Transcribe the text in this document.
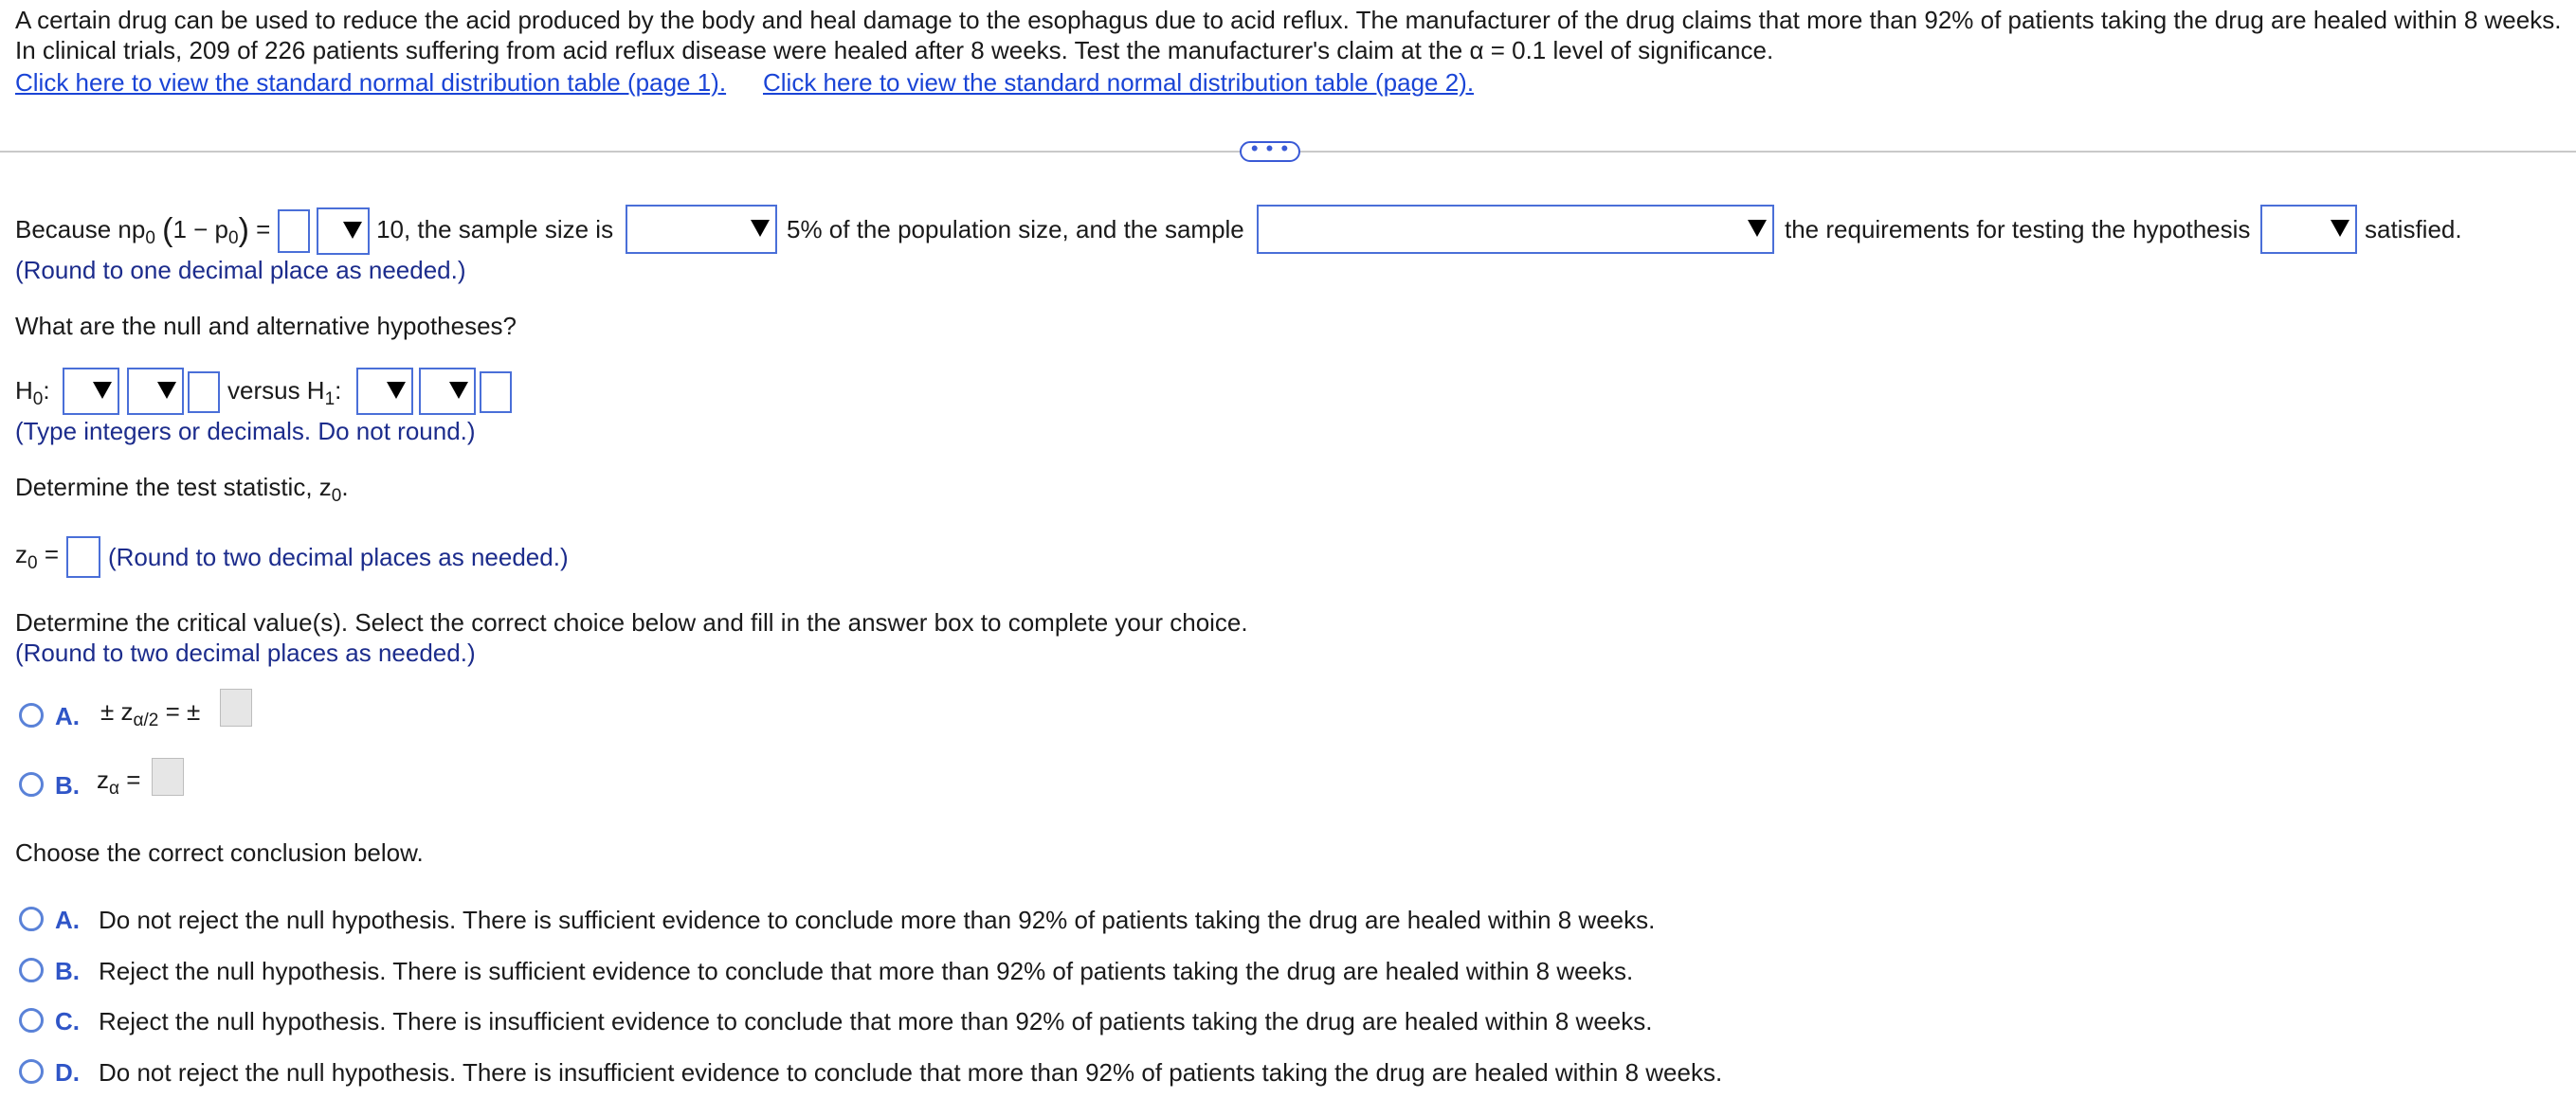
A certain drug can be used to reduce the acid produced by the body and heal damage to the esophagus due to acid reflux. The manufacturer of the drug claims that more than 92% of patients taking the drug are healed within 8 weeks.
In clinical trials, 209 of 226 patients suffering from acid reflux disease were healed after 8 weeks. Test the manufacturer's claim at the α = 0.1 level of significance.
Click here to view the standard normal distribution table (page 1). Click here to view the standard normal distribution table (page 2).
• • •
Because $np_0$ $(1 - p_0)$ =	10, the sample size is	5% of the population size, and the sample	the requirements for testing the hypothesis	satisfied.
(Round to one decimal place as needed.)
What are the null and alternative hypotheses?
$H_0$:	versus $H_1$:
(Type integers or decimals. Do not round.)
Determine the test statistic, $z_0$.
$z_0$ = (Round to two decimal places as needed.)
Determine the critical value(s). Select the correct choice below and fill in the answer box to complete your choice.
(Round to two decimal places as needed.)
A. ± $z_{\alpha/2}$ = ±
B. $z_\alpha$ =
Choose the correct conclusion below.
A. Do not reject the null hypothesis. There is sufficient evidence to conclude more than 92% of patients taking the drug are healed within 8 weeks.
B. Reject the null hypothesis. There is sufficient evidence to conclude that more than 92% of patients taking the drug are healed within 8 weeks.
C. Reject the null hypothesis. There is insufficient evidence to conclude that more than 92% of patients taking the drug are healed within 8 weeks.
D. Do not reject the null hypothesis. There is insufficient evidence to conclude that more than 92% of patients taking the drug are healed within 8 weeks.
